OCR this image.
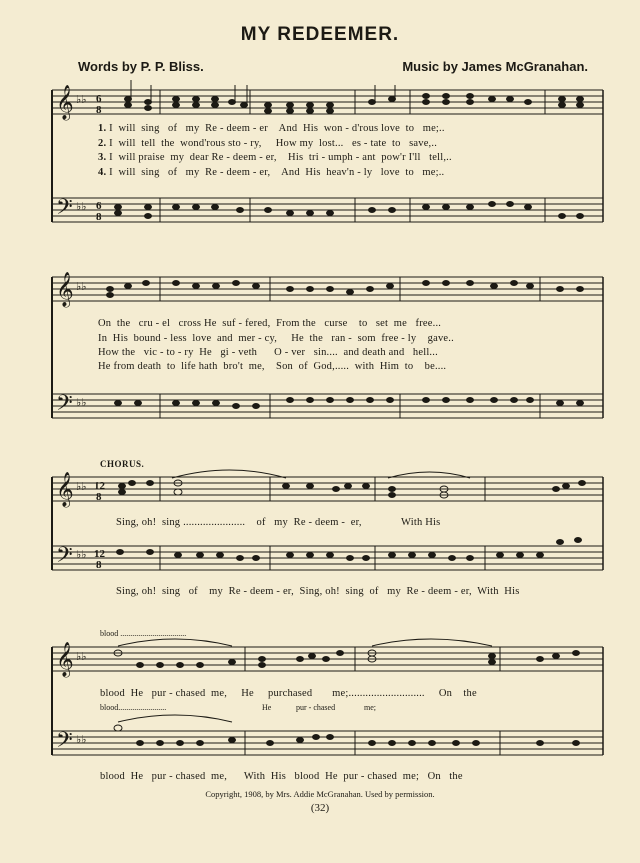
MY REDEEMER.
Words by P. P. Bliss.	Music by James McGranahan.
𝄞
𝄢
♭♭
♭♭
6
8
6
8
1. I  will  sing   of   my  Re - deem - er    And  His  won - d'rous love  to   me;..
2. I  will  tell  the  wond'rous sto - ry,     How my  lost...   es - tate  to   save,..
3. I  will praise  my  dear Re - deem - er,    His  tri - umph - ant  pow'r I'll   tell,..
4. I  will  sing   of   my  Re - deem - er,    And  His  heav'n - ly   love  to   me;..
𝄞
𝄢
♭♭
♭♭
On  the   cru - el   cross He  suf - fered,  From the   curse    to   set  me   free...
In  His  bound - less  love  and  mer - cy,     He  the   ran -  som  free - ly    gave..
How the   vic - to - ry  He   gi - veth      O - ver   sin....  and death and   hell...
He from death  to  life hath  bro't  me,    Son  of  God,.....  with  Him  to    be....
CHORUS.
𝄞
𝄢
♭♭
♭♭
12
8
12
8
Sing, oh!  sing ......................    of   my  Re - deem -  er,              With His
Sing, oh!  sing   of    my  Re - deem - er,  Sing, oh!  sing  of   my  Re - deem - er,  With  His
blood .................................
𝄞
𝄢
♭♭
♭♭
blood  He   pur - chased  me,     He     purchased       me;...........................     On    the
blood........................	He	pur - chased	me;
blood  He   pur - chased  me,      With  His   blood  He  pur - chased  me;   On   the
Copyright, 1908, by Mrs. Addie McGranahan. Used by permission.
(32)
